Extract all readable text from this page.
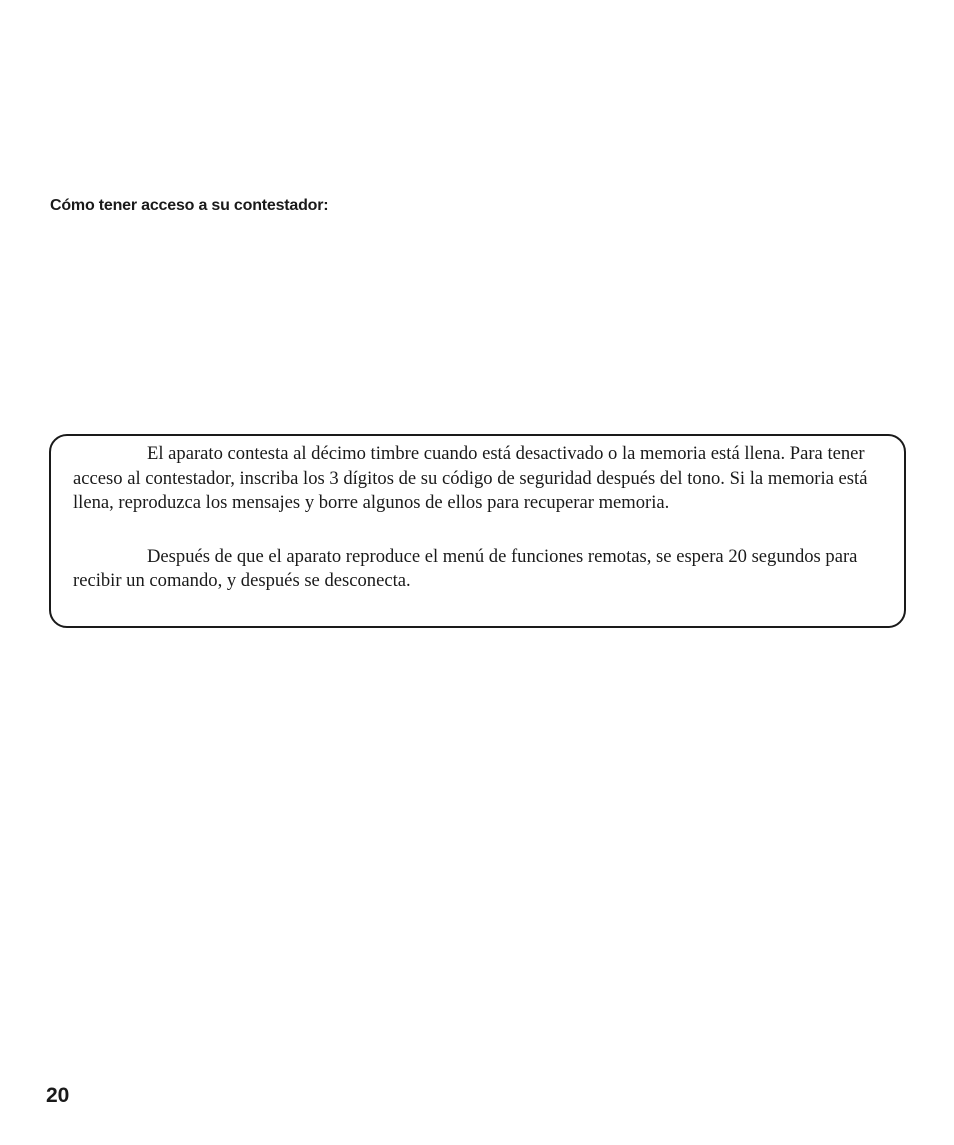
Cómo tener acceso a su contestador:

El aparato contesta al décimo timbre cuando está desactivado o la memoria está llena. Para tener acceso al contestador, inscriba los 3 dígitos de su código de seguridad después del tono. Si la memoria está llena, reproduzca los mensajes y borre algunos de ellos para recuperar memoria.

Después de que el aparato reproduce el menú de funciones remotas, se espera 20 segundos para recibir un comando, y después se desconecta.

20
